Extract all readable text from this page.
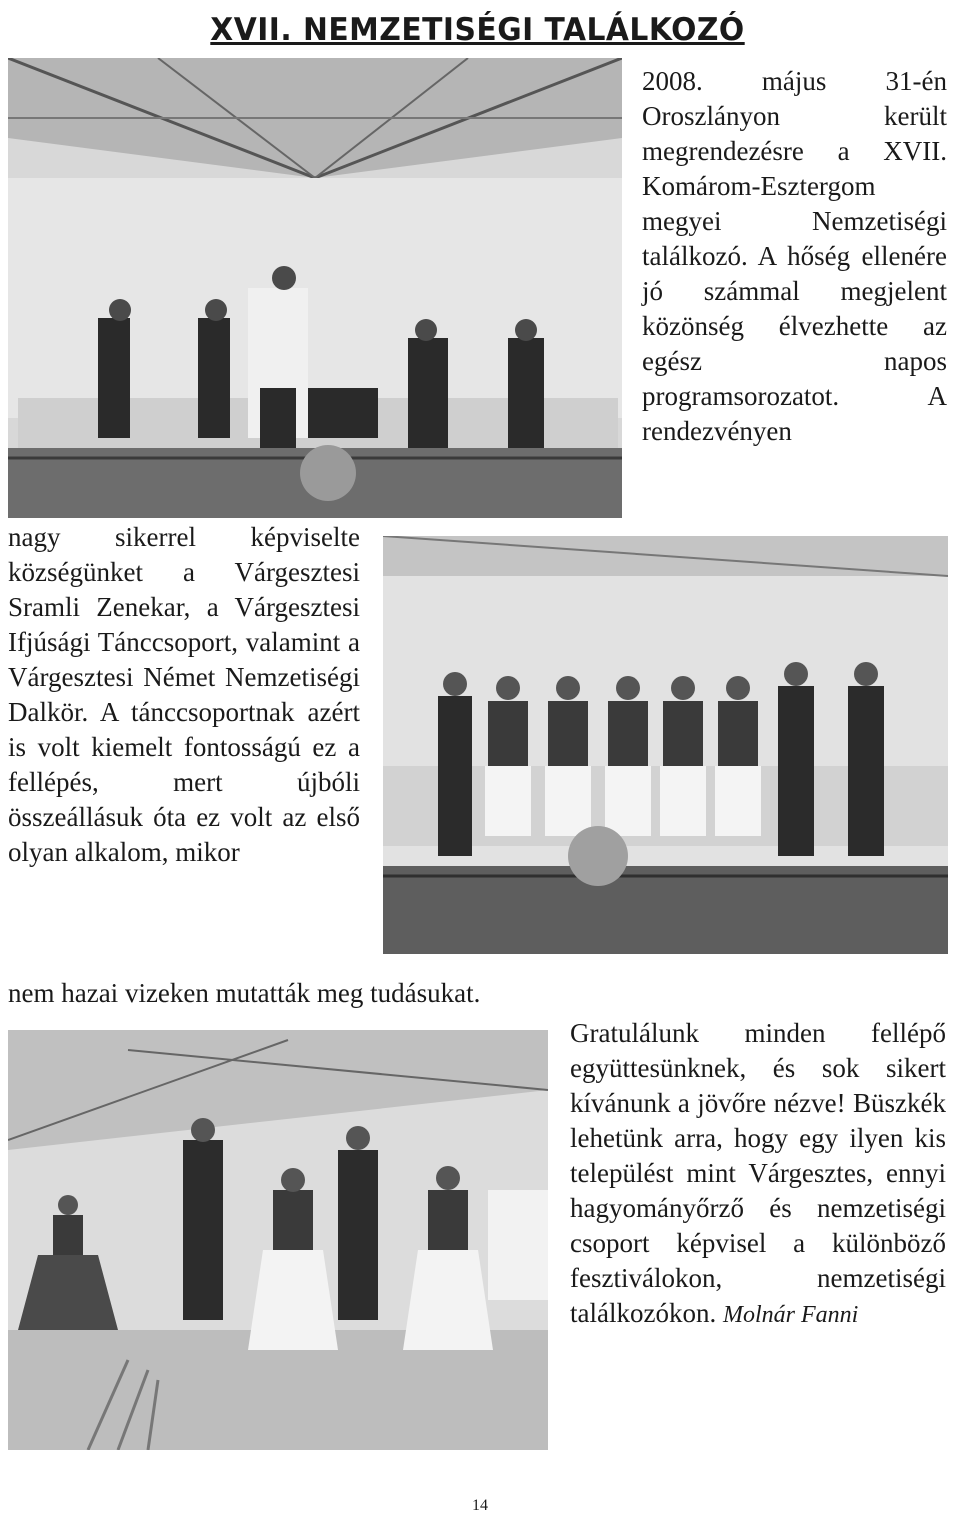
XVII. NEMZETISÉGI TALÁLKOZÓ

2008. május 31-én Oroszlányon került megrendezésre a XVII. Komárom-Esztergom megyei Nemzetiségi találkozó. A hőség ellenére jó számmal megjelent közönség élvezhette az egész napos programsorozatot. A rendezvényen

nagy sikerrel képviselte községünket a Várgesztesi Sramli Zenekar, a Várgesztesi Ifjúsági Tánccsoport, valamint a Várgesztesi Német Nemzetiségi Dalkör. A tánccsoportnak azért is volt kiemelt fontosságú ez a fellépés, mert újbóli összeállásuk óta ez volt az első olyan alkalom, mikor

nem hazai vizeken mutatták meg tudásukat.

Gratulálunk minden fellépő együttesünknek, és sok sikert kívánunk a jövőre nézve! Büszkék lehetünk arra, hogy egy ilyen kis települést mint Várgesztes, ennyi hagyományőrző és nemzetiségi csoport képvisel a különböző fesztiválokon, nemzetiségi találkozókon. Molnár Fanni

14
